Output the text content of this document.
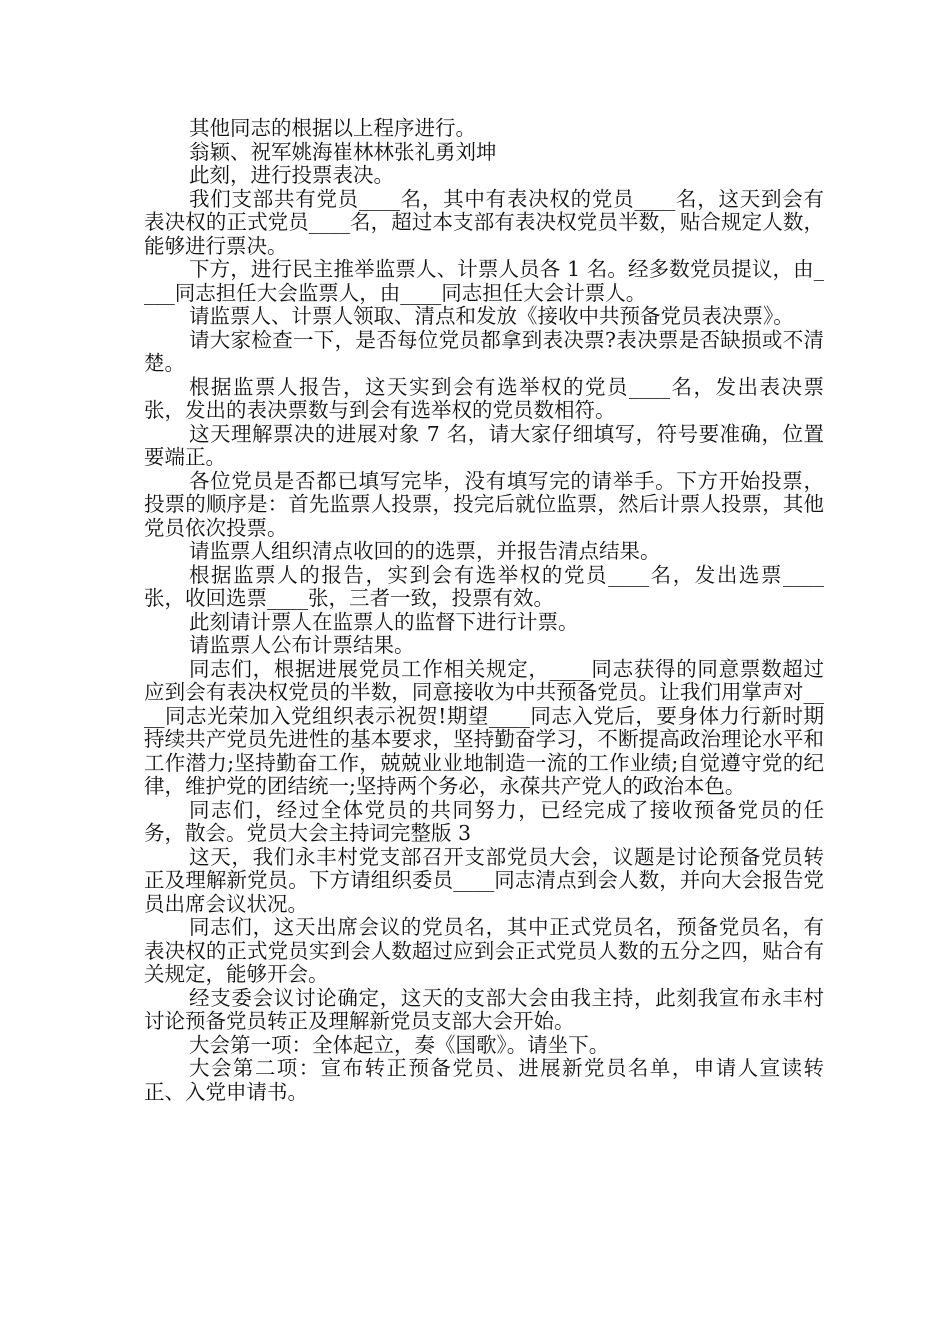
其他同志的根据以上程序进行。

翁颖、祝军姚海崔林林张礼勇刘坤

此刻，进行投票表决。

我们支部共有党员____名，其中有表决权的党员____名，这天到会有表决权的正式党员____名，超过本支部有表决权党员半数，贴合规定人数，能够进行票决。

下方，进行民主推举监票人、计票人员各 1 名。经多数党员提议，由____同志担任大会监票人，由____同志担任大会计票人。

请监票人、计票人领取、清点和发放《接收中共预备党员表决票》。

请大家检查一下，是否每位党员都拿到表决票?表决票是否缺损或不清楚。

根据监票人报告，这天实到会有选举权的党员____名，发出表决票张，发出的表决票数与到会有选举权的党员数相符。

这天理解票决的进展对象 7 名，请大家仔细填写，符号要准确，位置要端正。

各位党员是否都已填写完毕，没有填写完的请举手。下方开始投票，投票的顺序是：首先监票人投票，投完后就位监票，然后计票人投票，其他党员依次投票。

请监票人组织清点收回的的选票，并报告清点结果。

根据监票人的报告，实到会有选举权的党员____名，发出选票____张，收回选票____张，三者一致，投票有效。

此刻请计票人在监票人的监督下进行计票。

请监票人公布计票结果。

同志们，根据进展党员工作相关规定，____同志获得的同意票数超过应到会有表决权党员的半数，同意接收为中共预备党员。让我们用掌声对____同志光荣加入党组织表示祝贺!期望____同志入党后，要身体力行新时期持续共产党员先进性的基本要求，坚持勤奋学习，不断提高政治理论水平和工作潜力;坚持勤奋工作，兢兢业业地制造一流的工作业绩;自觉遵守党的纪律，维护党的团结统一;坚持两个务必，永葆共产党人的政治本色。

同志们，经过全体党员的共同努力，已经完成了接收预备党员的任务，散会。党员大会主持词完整版 3

这天，我们永丰村党支部召开支部党员大会，议题是讨论预备党员转正及理解新党员。下方请组织委员____同志清点到会人数，并向大会报告党员出席会议状况。

同志们，这天出席会议的党员名，其中正式党员名，预备党员名，有表决权的正式党员实到会人数超过应到会正式党员人数的五分之四，贴合有关规定，能够开会。

经支委会议讨论确定，这天的支部大会由我主持，此刻我宣布永丰村讨论预备党员转正及理解新党员支部大会开始。

大会第一项：全体起立，奏《国歌》。请坐下。

大会第二项：宣布转正预备党员、进展新党员名单，申请人宣读转正、入党申请书。
